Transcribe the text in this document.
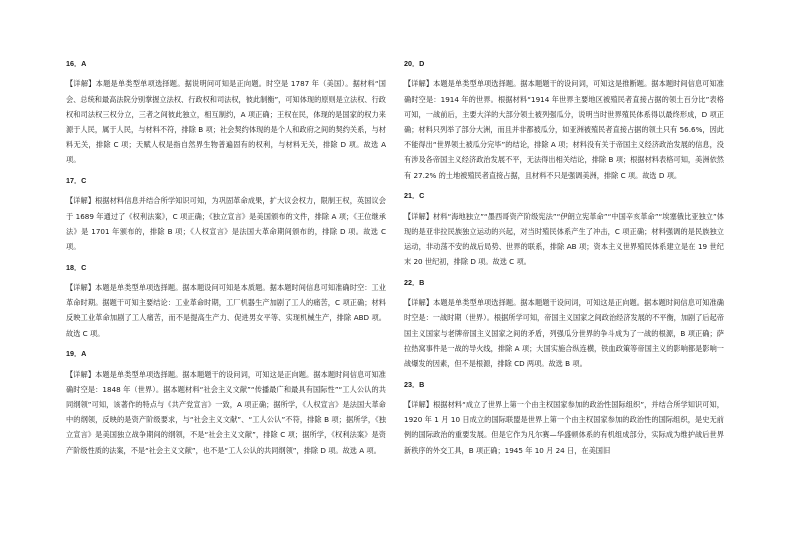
16．A
【详解】本题是单类型单项选择题。据说明问可知是正向题。时空是 1787 年（美国）。据材料“国会、总统和最高法院分别掌握立法权、行政权和司法权，彼此制衡”，可知体现的原则是立法权、行政权和司法权三权分立，三者之间彼此独立，相互制约，A 项正确；王权在民，体现的是国家的权力来源于人民，属于人民，与材料不符，排除 B 项；社会契约体现的是个人和政府之间的契约关系，与材料无关，排除 C 项；天赋人权是指自然界生物普遍固有的权利，与材料无关，排除 D 项。故选 A 项。
17．C
【详解】根据材料信息并结合所学知识可知，为巩固革命成果，扩大议会权力，限制王权，英国议会于 1689 年通过了《权利法案》，C 项正确；《独立宣言》是美国颁布的文件，排除 A 项；《王位继承法》是 1701 年颁布的，排除 B 项；《人权宣言》是法国大革命期间颁布的，排除 D 项。故选 C 项。
18．C
【详解】本题是单类型单项选择题。据本题设问可知是本质题。据本题时间信息可知准确时空：工业革命时期。据题干可知主要结论：工业革命时期，工厂机器生产加剧了工人的痛苦，C 项正确；材料反映工业革命加剧了工人痛苦，而不是提高生产力、促进男女平等、实现机械生产，排除 ABD 项。故选 C 项。
19．A
【详解】本题是单类型单项选择题。据本题题干的设问词，可知这是正向题。据本题时间信息可知准确时空是：1848 年（世界）。据本题材料“社会主义文献”“传播最广和最具有国际性”“工人公认的共同纲领”可知，该著作的特点与《共产党宣言》一致，A 项正确；据所学，《人权宣言》是法国大革命中的纲领，反映的是资产阶级要求，与“社会主义文献”、“工人公认”不符，排除 B 项；据所学，《独立宣言》是美国独立战争期间的纲领，不是“社会主义文献”，排除 C 项；据所学，《权利法案》是资产阶级性质的法案，不是“社会主义文献”，也不是“工人公认的共同纲领”，排除 D 项。故选 A 项。
20．D
【详解】本题是单类型单项选择题。据本题题干的设问词，可知这是推断题。据本题时间信息可知准确时空是：1914 年的世界。根据材料“1914 年世界主要地区被殖民者直接占据的领土百分比”表格可知，一战前后，主要大洋的大部分领土被列强瓜分，说明当时世界殖民体系得以最终形成，D 项正确；材料只列举了部分大洲，而且并非都被瓜分，如亚洲被殖民者直接占据的领土只有 56.6%，因此不能得出“世界领土被瓜分完毕”的结论，排除 A 项；材料没有关于帝国主义经济政治发展的信息，没有涉及各帝国主义经济政治发展不平，无法得出相关结论，排除 B 项；根据材料表格可知，美洲依然有 27.2% 的土地被殖民者直接占据，且材料不只是强调美洲，排除 C 项。故选 D 项。
21．C
【详解】材料“海地独立”“墨西哥资产阶级宪法”“伊朗立宪革命”“中国辛亥革命”“埃塞俄比亚独立”体现的是亚非拉民族独立运动的兴起，对当时殖民体系产生了冲击，C 项正确；材料强调的是民族独立运动，非动荡不安的战后局势、世界的联系，排除 AB 项；资本主义世界殖民体系建立是在 19 世纪末 20 世纪初，排除 D 项。故选 C 项。
22．B
【详解】本题是单类型单项选择题。据本题题干设问词，可知这是正向题。据本题时间信息可知准确时空是：一战时期（世界）。根据所学可知，帝国主义国家之间政治经济发展的不平衡，加剧了后起帝国主义国家与老牌帝国主义国家之间的矛盾，列强瓜分世界的争斗成为了一战的根源，B 项正确；萨拉热窝事件是一战的导火线，排除 A 项；大国实施合纵连横，铁血政策等帝国主义的影响都是影响一战爆发的因素，但不是根源，排除 CD 两项。故选 B 项。
23．B
【详解】根据材料“成立了世界上第一个由主权国家参加的政治性国际组织”，并结合所学知识可知，1920 年 1 月 10 日成立的国际联盟是世界上第一个由主权国家参加的政治性的国际组织，是史无前例的国际政治的重要发展。但是它作为凡尔赛—华盛顿体系的有机组成部分，实际成为维护战后世界新秩序的外交工具，B 项正确；1945 年 10 月 24 日，在美国旧
